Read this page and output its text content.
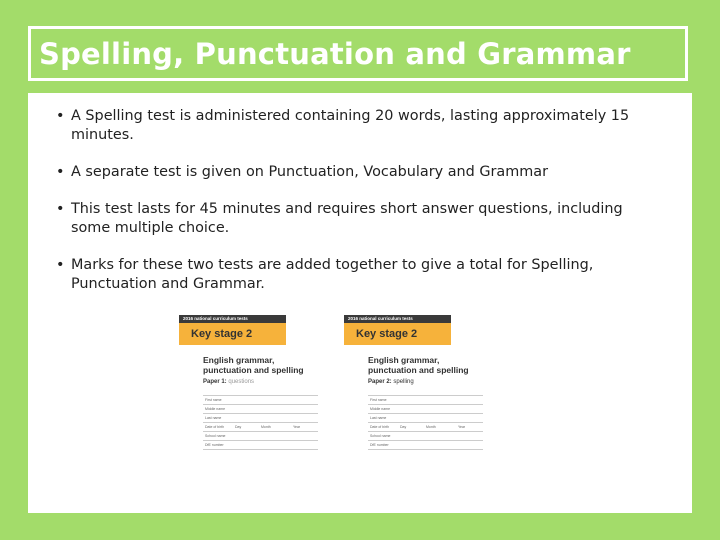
Spelling, Punctuation and Grammar
• A Spelling test is administered containing 20 words, lasting approximately 15 minutes.
• A separate test is given on Punctuation, Vocabulary and Grammar
• This test lasts for 45 minutes and requires short answer questions, including some multiple choice.
• Marks for these two tests are added together to give a total for Spelling, Punctuation and Grammar.
2016 national curriculum tests
Key stage 2
English grammar,
punctuation and spelling
Paper 1: questions
First name
Middle name
Last name
Date of birth	Day	Month	Year
School name
DfE number
2016 national curriculum tests
Key stage 2
English grammar,
punctuation and spelling
Paper 2: spelling
First name
Middle name
Last name
Date of birth	Day	Month	Year
School name
DfE number
